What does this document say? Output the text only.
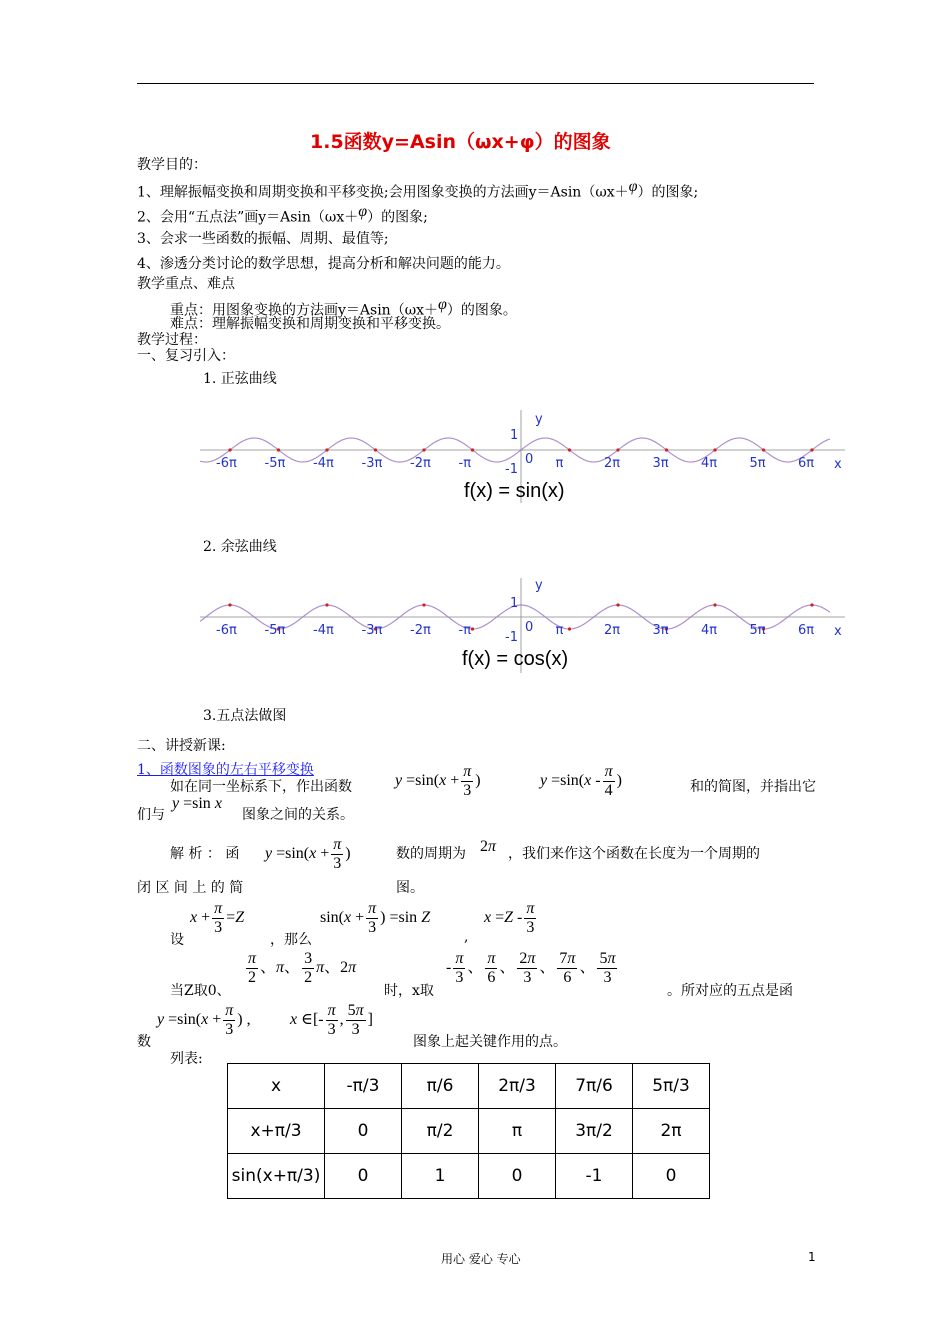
1.5函数y=Asin（ωx+φ）的图象
教学目的：
1、理解振幅变换和周期变换和平移变换;会用图象变换的方法画y＝Asin（ωx＋$^\varphi$）的图象;
2、会用“五点法”画y＝Asin（ωx＋$^\varphi$）的图象;
3、会求一些函数的振幅、周期、最值等;
4、渗透分类讨论的数学思想，提高分析和解决问题的能力。
教学重点、难点
重点：用图象变换的方法画y＝Asin（ωx＋$^\varphi$）的图象。
难点：理解振幅变换和周期变换和平移变换。
教学过程：
一、复习引入：
1. 正弦曲线
y
1
-1
0	x
-6π -5π -4π -3π -2π -π	π	2π 3π 4π 5π 6π
f(x) = sin(x)
2. 余弦曲线
y
1
-1
0	x
-6π -5π -4π -3π -2π -π	π	2π 3π 4π 5π 6π
f(x) = cos(x)
3.五点法做图
二、讲授新课:
1、函数图象的左右平移变换
如在同一坐标系下，作出函数	$y =\sin(x + \frac{\pi}{3}$ )	$y =\sin(x - \frac{\pi}{4}$ )	和的简图，并指出它
们与
y =sin x
图象之间的关系。
解 析 ： 函 $y =\sin(x + \frac{\pi}{3}$ )	数的周期为 2π ，我们来作这个函数在长度为一个周期的
闭 区 间 上 的 简	图。
$x + \frac{\pi}{3} =Z$
设	，那么
$\sin(x + \frac{\pi}{3}$ ) =sin Z
,
$x =Z - \frac{\pi}{3}$
当Z取0、
$\frac{\pi}{2}$ 、π、 $\frac{3}{2}$ π、2π
时，x取
- $\frac{\pi}{3}$ 、 $\frac{\pi}{6}$ 、 $\frac{2\pi}{3}$ 、 $\frac{7\pi}{6}$ 、 $\frac{5\pi}{3}$
。所对应的五点是函
数
$y =\sin(x + \frac{\pi}{3}$ ) , x ∈[- $\frac{\pi}{3}$ , $\frac{5\pi}{3}$ ]
图象上起关键作用的点。
列表:
x	-π/3	π/6	2π/3	7π/6	5π/3
x+π/3	0	π/2	π	3π/2	2π
sin(x+π/3)	0	1	0	-1	0
用心 爱心 专心	1
